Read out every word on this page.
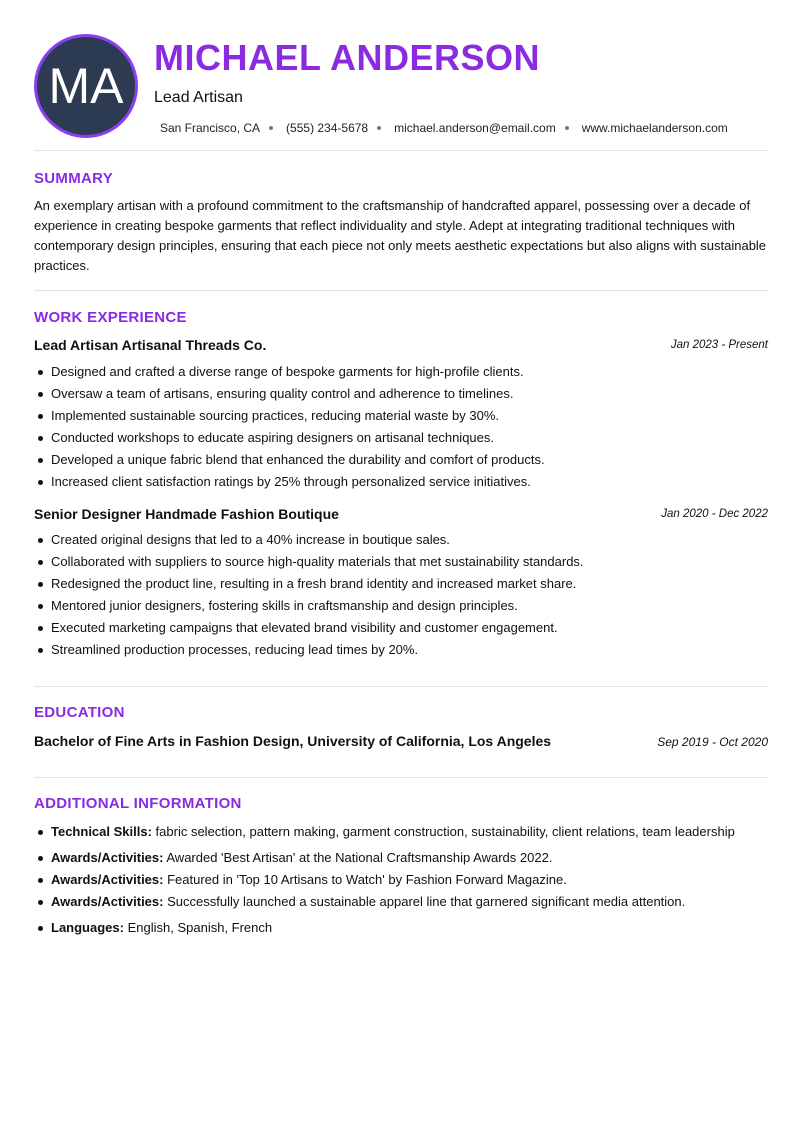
MA
MICHAEL ANDERSON
Lead Artisan
San Francisco, CA (555) 234-5678 michael.anderson@email.com www.michaelanderson.com
SUMMARY

An exemplary artisan with a profound commitment to the craftsmanship of handcrafted apparel, possessing over a decade of experience in creating bespoke garments that reflect individuality and style. Adept at integrating traditional techniques with contemporary design principles, ensuring that each piece not only meets aesthetic expectations but also aligns with sustainable practices.

WORK EXPERIENCE
Lead Artisan Artisanal Threads Co.	Jan 2023 - Present
Designed and crafted a diverse range of bespoke garments for high-profile clients.
Oversaw a team of artisans, ensuring quality control and adherence to timelines.
Implemented sustainable sourcing practices, reducing material waste by 30%.
Conducted workshops to educate aspiring designers on artisanal techniques.
Developed a unique fabric blend that enhanced the durability and comfort of products.
Increased client satisfaction ratings by 25% through personalized service initiatives.
Senior Designer Handmade Fashion Boutique	Jan 2020 - Dec 2022
Created original designs that led to a 40% increase in boutique sales.
Collaborated with suppliers to source high-quality materials that met sustainability standards.
Redesigned the product line, resulting in a fresh brand identity and increased market share.
Mentored junior designers, fostering skills in craftsmanship and design principles.
Executed marketing campaigns that elevated brand visibility and customer engagement.
Streamlined production processes, reducing lead times by 20%.
EDUCATION
Bachelor of Fine Arts in Fashion Design, University of California, Los Angeles	Sep 2019 - Oct 2020
ADDITIONAL INFORMATION
Technical Skills: fabric selection, pattern making, garment construction, sustainability, client relations, team leadership
Awards/Activities: Awarded 'Best Artisan' at the National Craftsmanship Awards 2022.
Awards/Activities: Featured in 'Top 10 Artisans to Watch' by Fashion Forward Magazine.
Awards/Activities: Successfully launched a sustainable apparel line that garnered significant media attention.
Languages: English, Spanish, French
